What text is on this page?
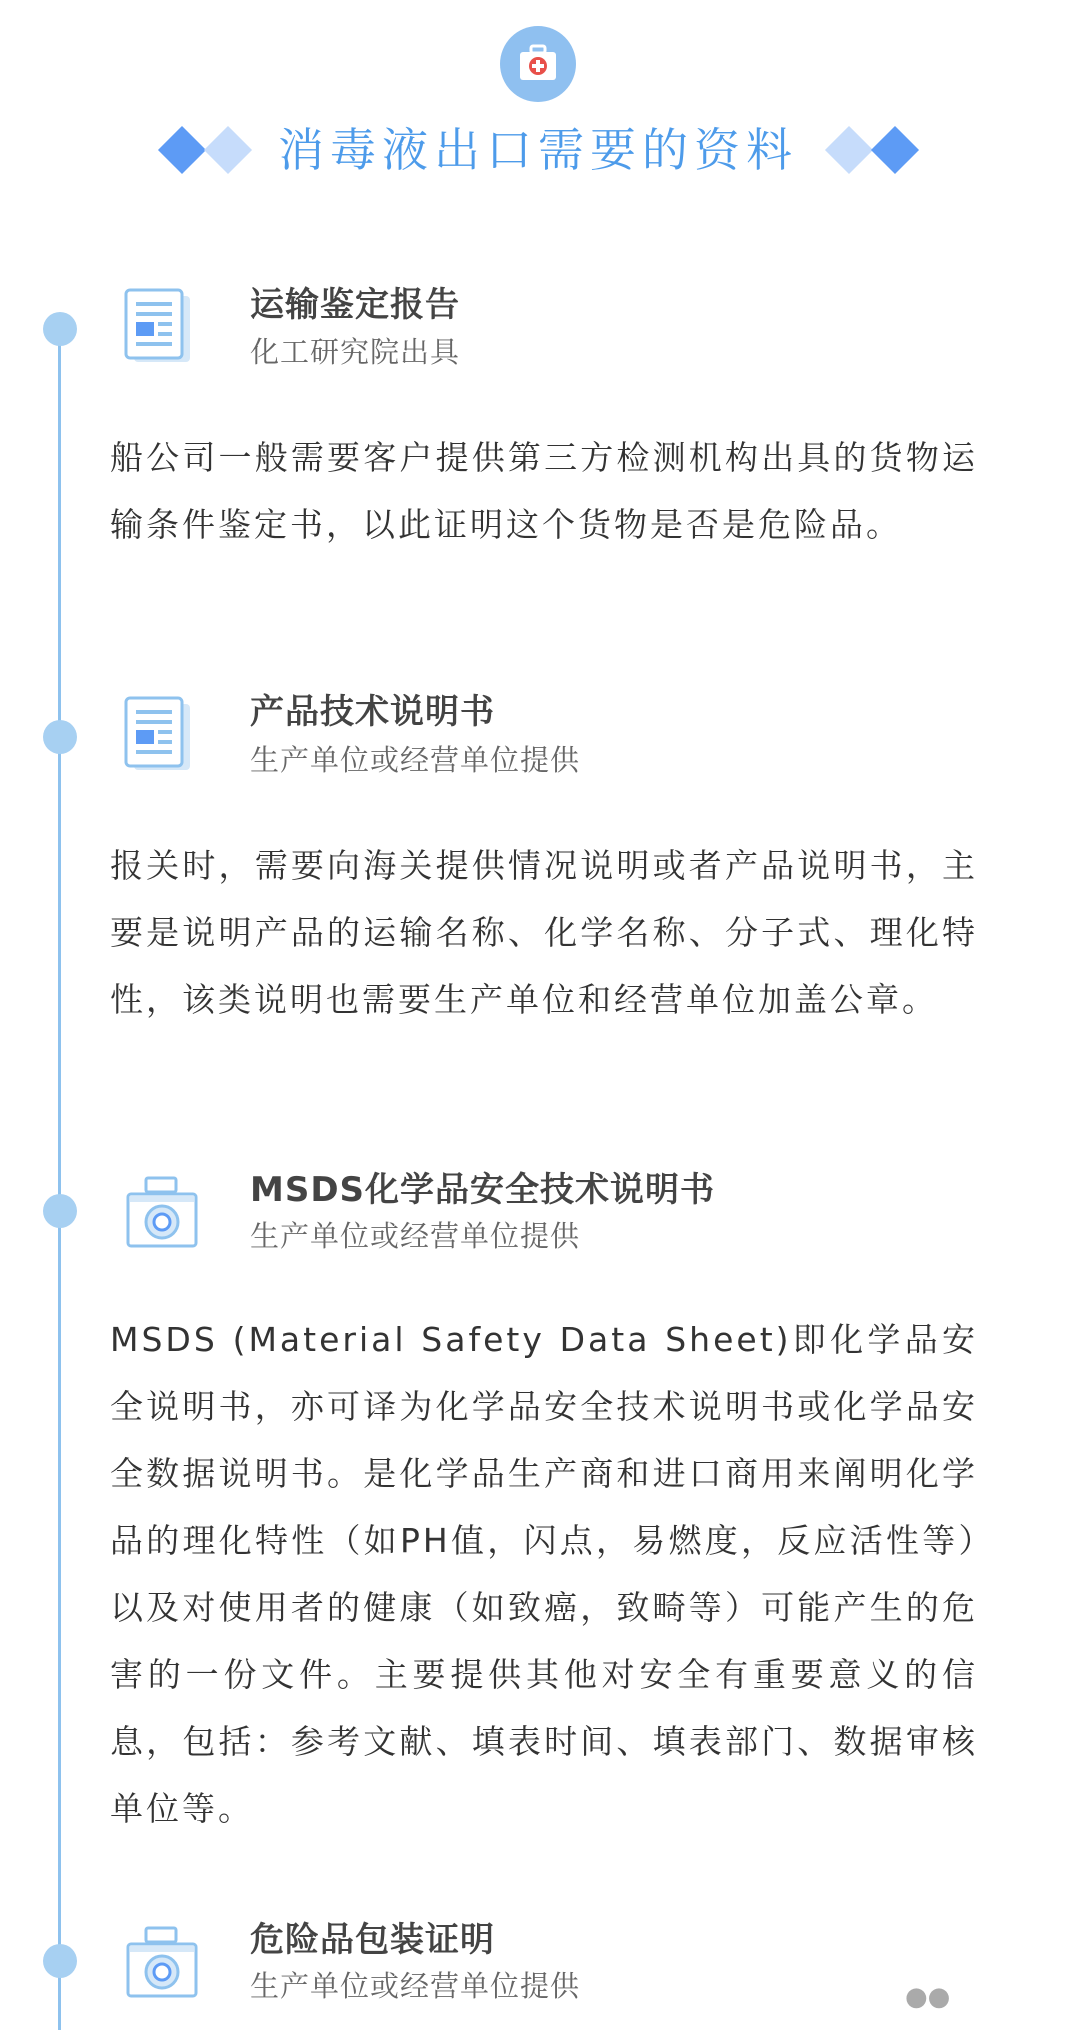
消毒液出口需要的资料
运输鉴定报告
化工研究院出具
船公司一般需要客户提供第三方检测机构出具的货物运输条件鉴定书，以此证明这个货物是否是危险品。
产品技术说明书
生产单位或经营单位提供
报关时，需要向海关提供情况说明或者产品说明书，主要是说明产品的运输名称、化学名称、分子式、理化特性，该类说明也需要生产单位和经营单位加盖公章。
MSDS化学品安全技术说明书
生产单位或经营单位提供
MSDS (Material Safety Data Sheet)即化学品安全说明书，亦可译为化学品安全技术说明书或化学品安全数据说明书。是化学品生产商和进口商用来阐明化学品的理化特性（如PH值，闪点，易燃度，反应活性等）以及对使用者的健康（如致癌，致畸等）可能产生的危害的一份文件。主要提供其他对安全有重要意义的信息，包括：参考文献、填表时间、填表部门、数据审核单位等。
危险品包装证明
生产单位或经营单位提供	●●
